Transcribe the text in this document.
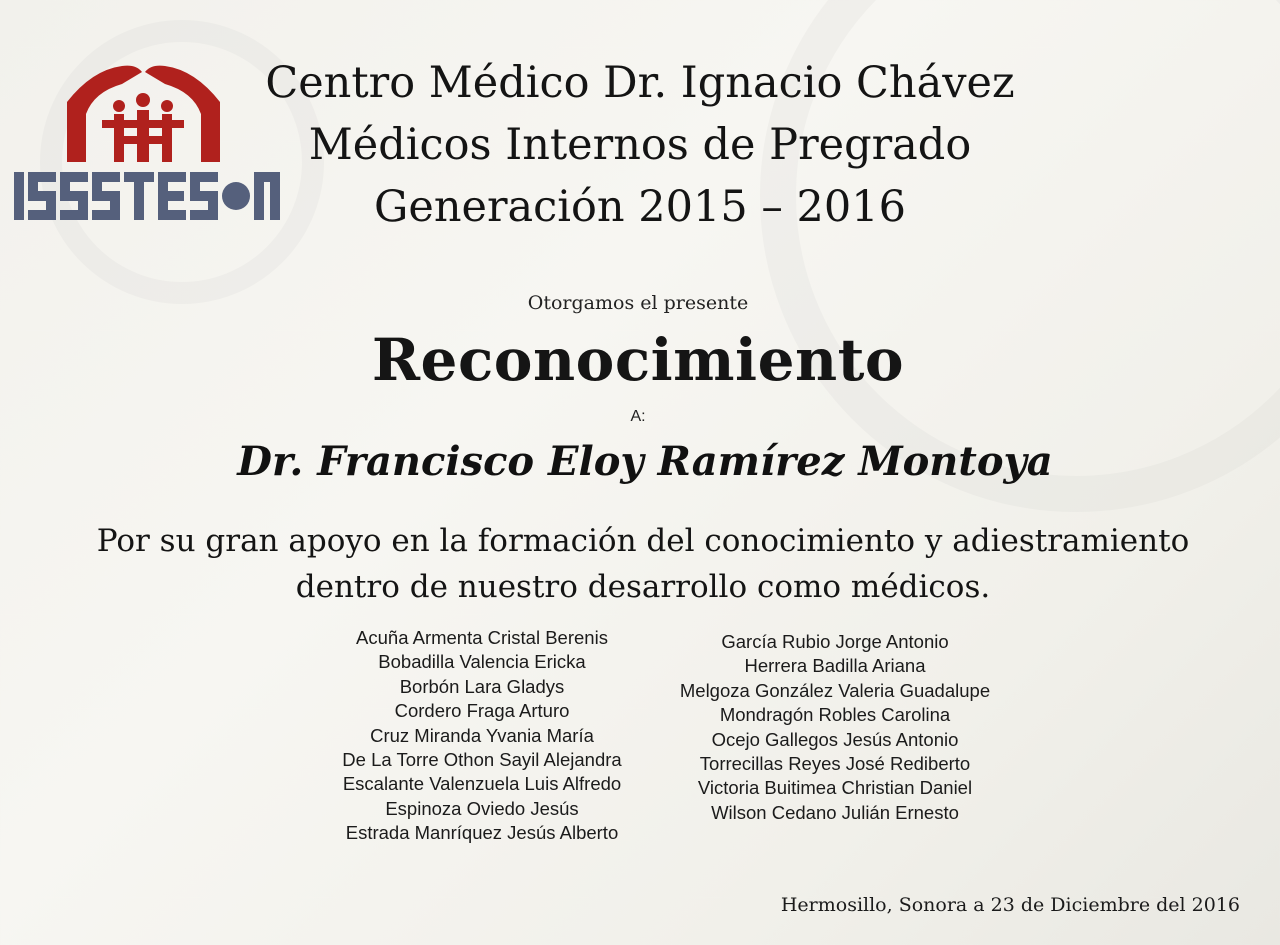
Centro Médico Dr. Ignacio Chávez
Médicos Internos de Pregrado
Generación 2015 – 2016
Otorgamos el presente
Reconocimiento
A:
Dr. Francisco Eloy Ramírez Montoya
Por su gran apoyo en la formación del conocimiento y adiestramiento
dentro de nuestro desarrollo como médicos.
Acuña Armenta Cristal Berenis
Bobadilla Valencia Ericka
Borbón Lara Gladys
Cordero Fraga Arturo
Cruz Miranda Yvania María
De La Torre Othon Sayil Alejandra
Escalante Valenzuela Luis Alfredo
Espinoza Oviedo Jesús
Estrada Manríquez Jesús Alberto
García Rubio Jorge Antonio
Herrera Badilla Ariana
Melgoza González Valeria Guadalupe
Mondragón Robles Carolina
Ocejo Gallegos Jesús Antonio
Torrecillas Reyes José Rediberto
Victoria Buitimea Christian Daniel
Wilson Cedano Julián Ernesto
Hermosillo, Sonora a 23 de Diciembre del 2016
